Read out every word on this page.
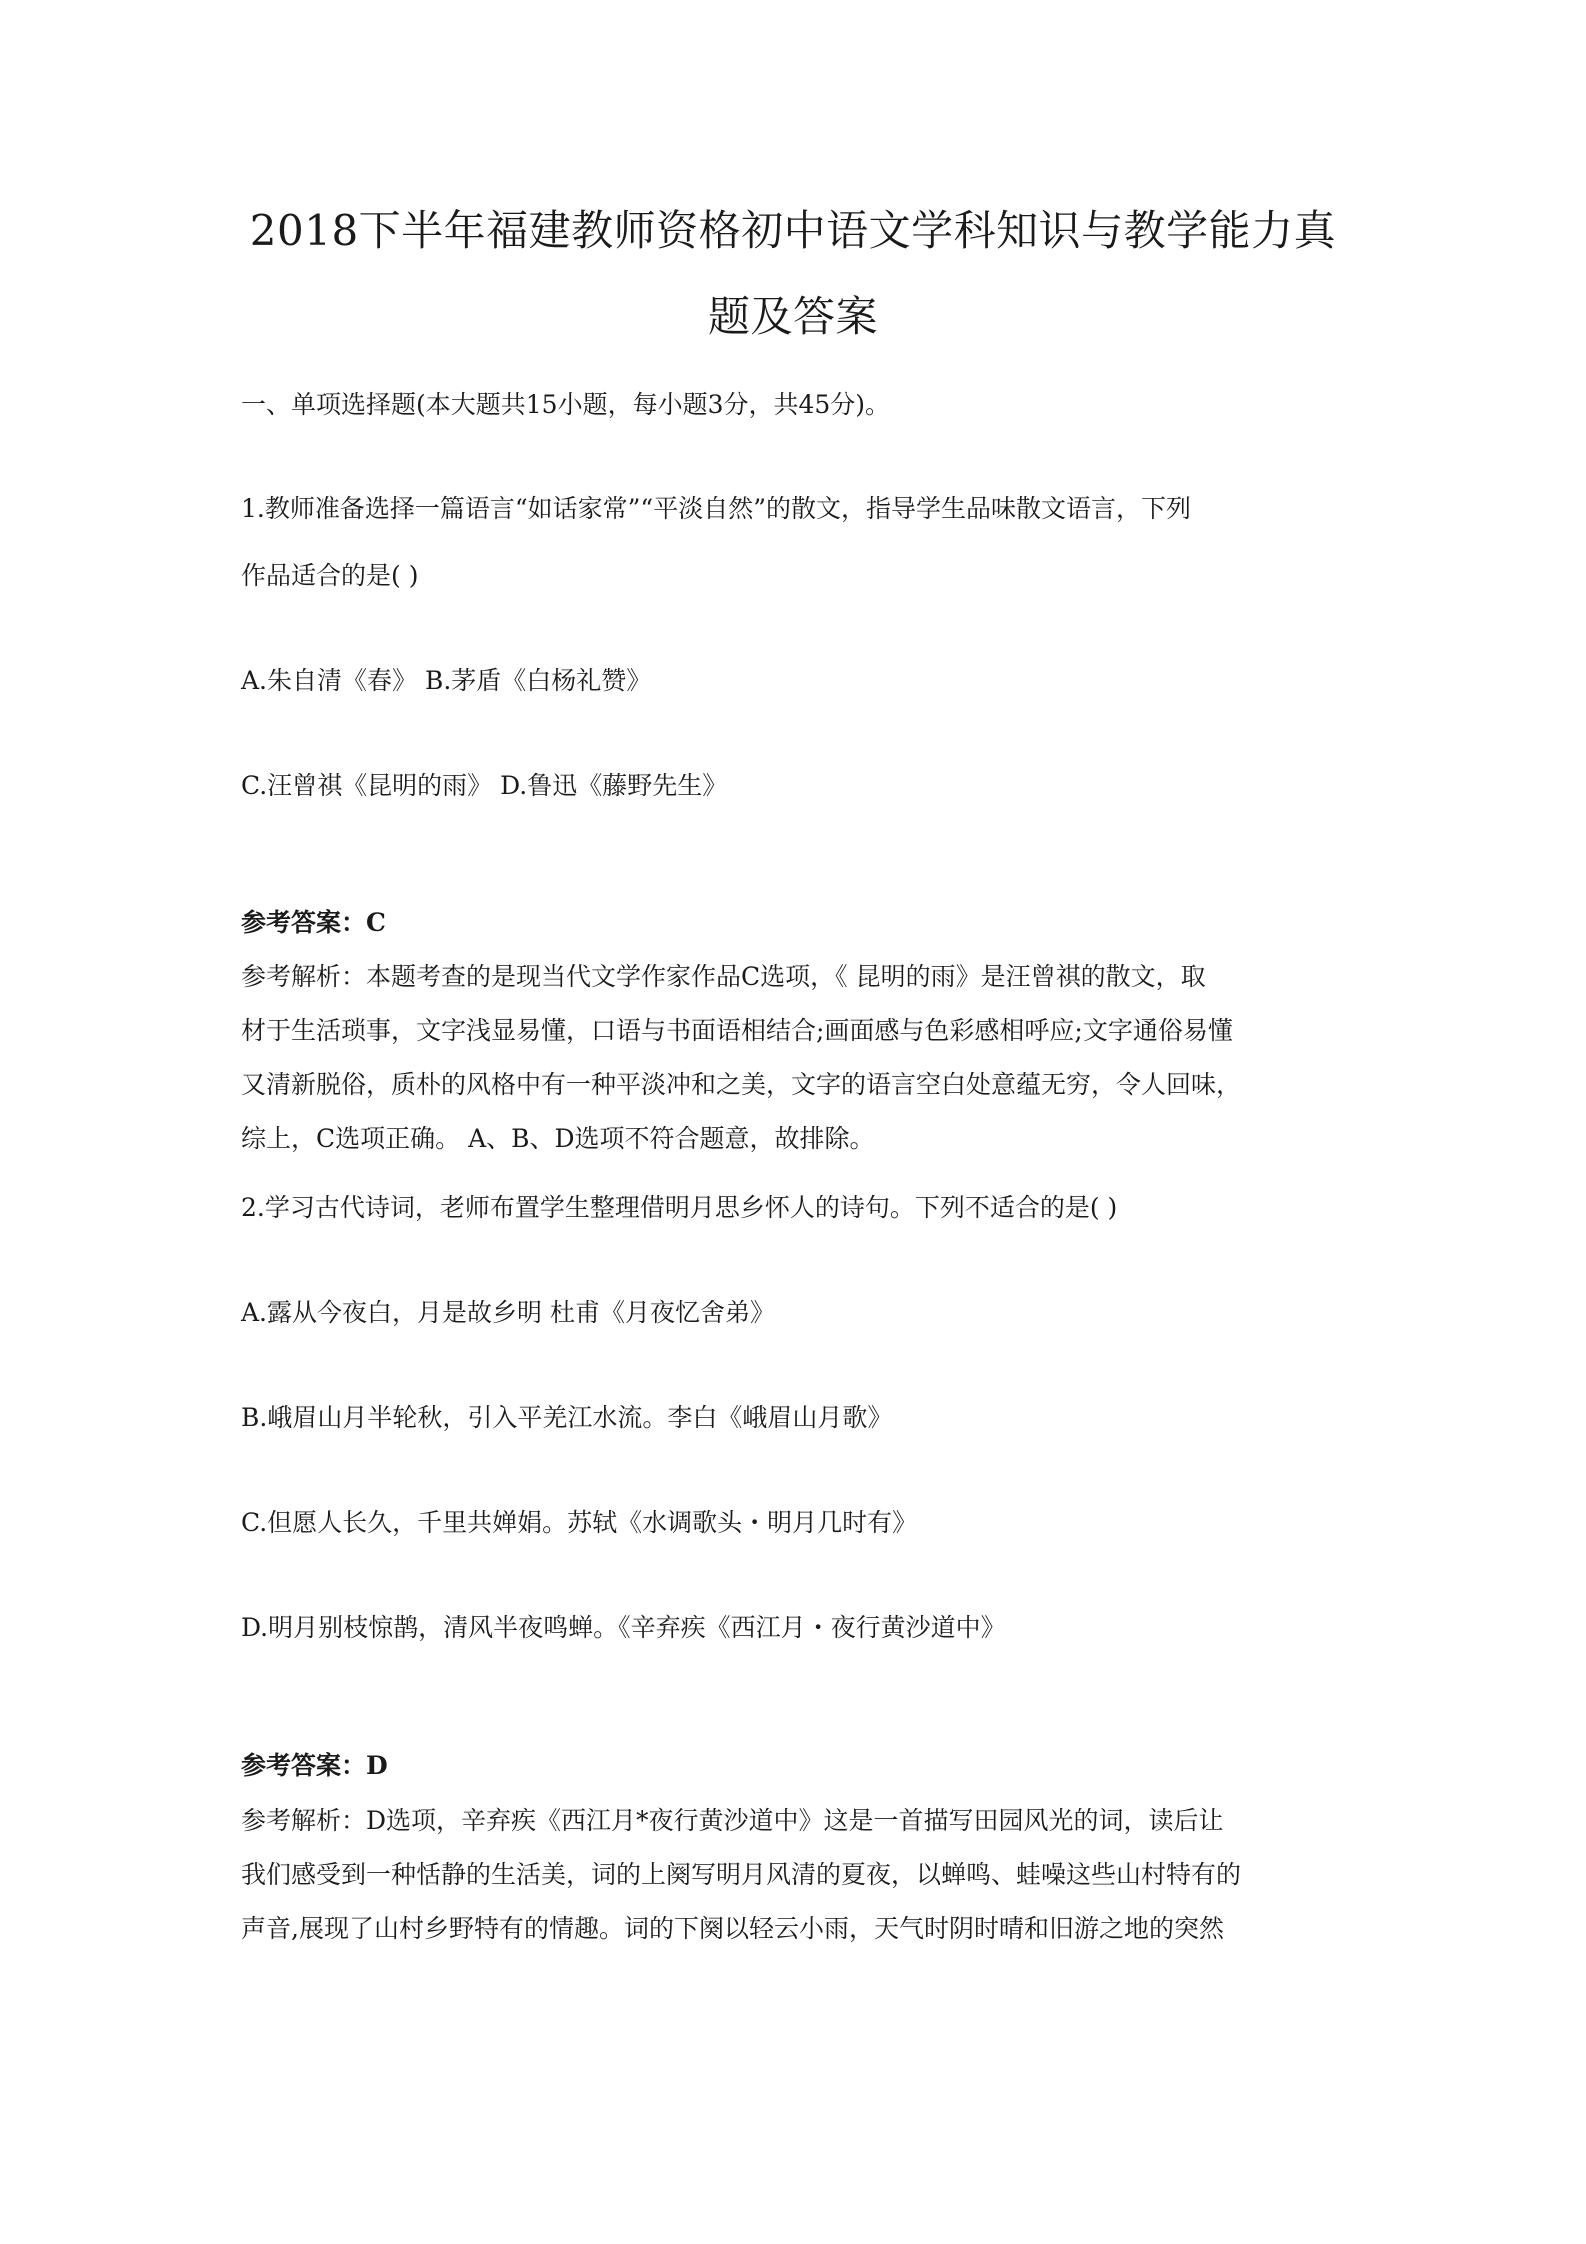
2018下半年福建教师资格初中语文学科知识与教学能力真
题及答案
一、单项选择题(本大题共15小题，每小题3分，共45分)。
1.教师准备选择一篇语言“如话家常”“平淡自然”的散文，指导学生品味散文语言，下列
作品适合的是( )
A.朱自清《春》 B.茅盾《白杨礼赞》
C.汪曾祺《昆明的雨》 D.鲁迅《藤野先生》
参考答案：C
参考解析：本题考查的是现当代文学作家作品C选项，《 昆明的雨》是汪曾祺的散文，取
材于生活琐事，文字浅显易懂，口语与书面语相结合;画面感与色彩感相呼应;文字通俗易懂
又清新脱俗，质朴的风格中有一种平淡冲和之美，文字的语言空白处意蕴无穷，令人回味，
综上，C选项正确。 A、B、D选项不符合题意，故排除。
2.学习古代诗词，老师布置学生整理借明月思乡怀人的诗句。下列不适合的是( )
A.露从今夜白，月是故乡明 杜甫《月夜忆舍弟》
B.峨眉山月半轮秋，引入平羌江水流。李白《峨眉山月歌》
C.但愿人长久，千里共婵娟。苏轼《水调歌头・明月几时有》
D.明月别枝惊鹊，清风半夜鸣蝉。《辛弃疾《西江月・夜行黄沙道中》
参考答案：D
参考解析：D选项，辛弃疾《西江月*夜行黄沙道中》这是一首描写田园风光的词，读后让
我们感受到一种恬静的生活美，词的上阕写明月风清的夏夜，以蝉鸣、蛙噪这些山村特有的
声音,展现了山村乡野特有的情趣。词的下阕以轻云小雨，天气时阴时晴和旧游之地的突然
